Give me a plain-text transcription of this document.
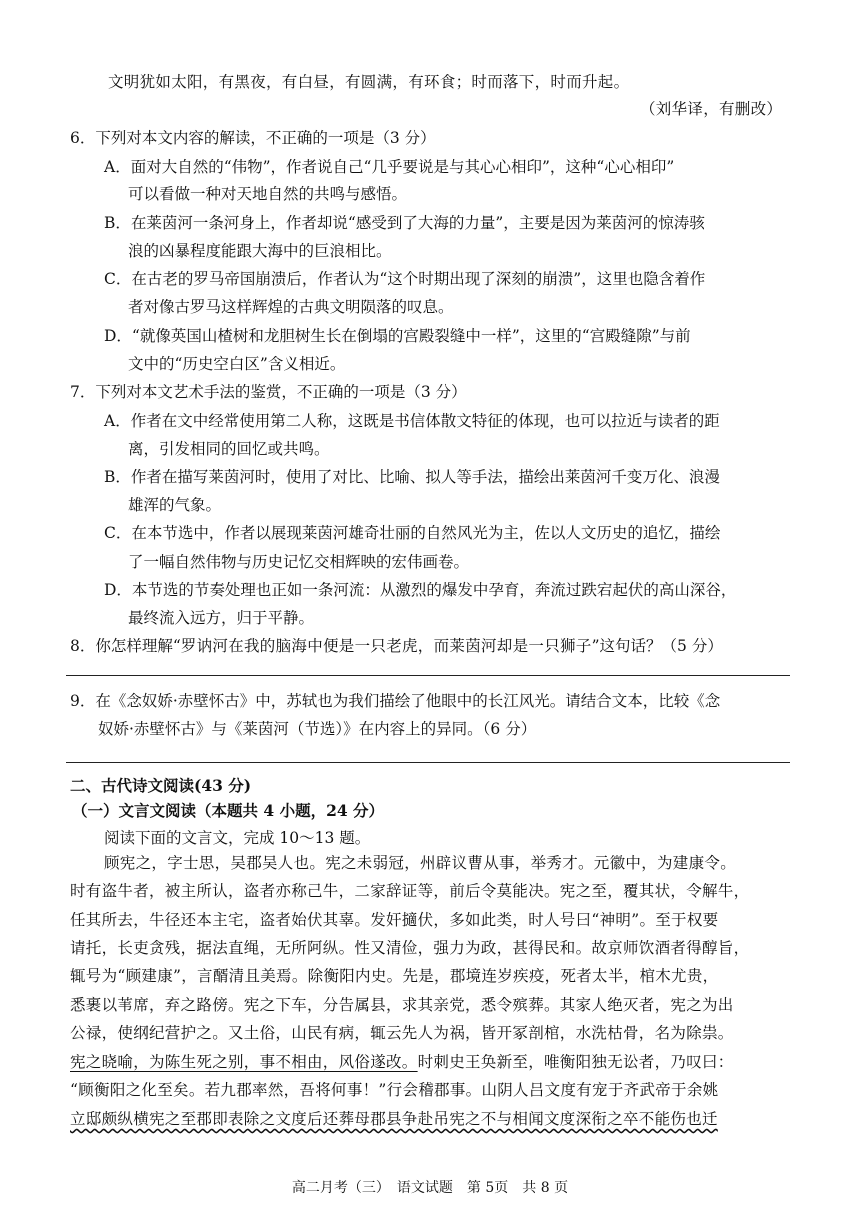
文明犹如太阳，有黑夜，有白昼，有圆满，有环食；时而落下，时而升起。
（刘华译，有删改）
6．下列对本文内容的解读，不正确的一项是（3 分）
A．面对大自然的“伟物”，作者说自己“几乎要说是与其心心相印”，这种“心心相印”
可以看做一种对天地自然的共鸣与感悟。
B．在莱茵河一条河身上，作者却说“感受到了大海的力量”，主要是因为莱茵河的惊涛骇
浪的凶暴程度能跟大海中的巨浪相比。
C．在古老的罗马帝国崩溃后，作者认为“这个时期出现了深刻的崩溃”，这里也隐含着作
者对像古罗马这样辉煌的古典文明陨落的叹息。
D．“就像英国山楂树和龙胆树生长在倒塌的宫殿裂缝中一样”，这里的“宫殿缝隙”与前
文中的“历史空白区”含义相近。
7．下列对本文艺术手法的鉴赏，不正确的一项是（3 分）
A．作者在文中经常使用第二人称，这既是书信体散文特征的体现，也可以拉近与读者的距
离，引发相同的回忆或共鸣。
B．作者在描写莱茵河时，使用了对比、比喻、拟人等手法，描绘出莱茵河千变万化、浪漫
雄浑的气象。
C．在本节选中，作者以展现莱茵河雄奇壮丽的自然风光为主，佐以人文历史的追忆，描绘
了一幅自然伟物与历史记忆交相辉映的宏伟画卷。
D．本节选的节奏处理也正如一条河流：从激烈的爆发中孕育，奔流过跌宕起伏的高山深谷，
最终流入远方，归于平静。
8．你怎样理解“罗讷河在我的脑海中便是一只老虎，而莱茵河却是一只狮子”这句话？（5 分）
9．在《念奴娇·赤壁怀古》中，苏轼也为我们描绘了他眼中的长江风光。请结合文本，比较《念
奴娇·赤壁怀古》与《莱茵河（节选）》在内容上的异同。（6 分）
二、古代诗文阅读(43 分)
（一）文言文阅读（本题共 4 小题，24 分）
阅读下面的文言文，完成 10～13 题。
顾宪之，字士思，吴郡吴人也。宪之未弱冠，州辟议曹从事，举秀才。元徽中，为建康令。
时有盗牛者，被主所认，盗者亦称己牛，二家辞证等，前后令莫能决。宪之至，覆其状，令解牛，
任其所去，牛径还本主宅，盗者始伏其辜。发奸擿伏，多如此类，时人号曰“神明”。至于权要
请托，长吏贪残，据法直绳，无所阿纵。性又清俭，强力为政，甚得民和。故京师饮酒者得醇旨，
辄号为“顾建康”，言醑清且美焉。除衡阳内史。先是，郡境连岁疾疫，死者太半，棺木尤贵，
悉裹以苇席，弃之路傍。宪之下车，分告属县，求其亲党，悉令殡葬。其家人绝灭者，宪之为出
公禄，使纲纪营护之。又土俗，山民有病，辄云先人为祸，皆开冢剖棺，水洗枯骨，名为除祟。
宪之晓喻，为陈生死之别，事不相由，风俗遂改。时刺史王奂新至，唯衡阳独无讼者，乃叹曰：
“顾衡阳之化至矣。若九郡率然，吾将何事！”行会稽郡事。山阴人吕文度有宠于齐武帝于余姚
立邸颇纵横宪之至郡即表除之文度后还葬母郡县争赴吊宪之不与相闻文度深衔之卒不能伤也迁
高二月考（三）　语文试题　第 5页　共 8 页
